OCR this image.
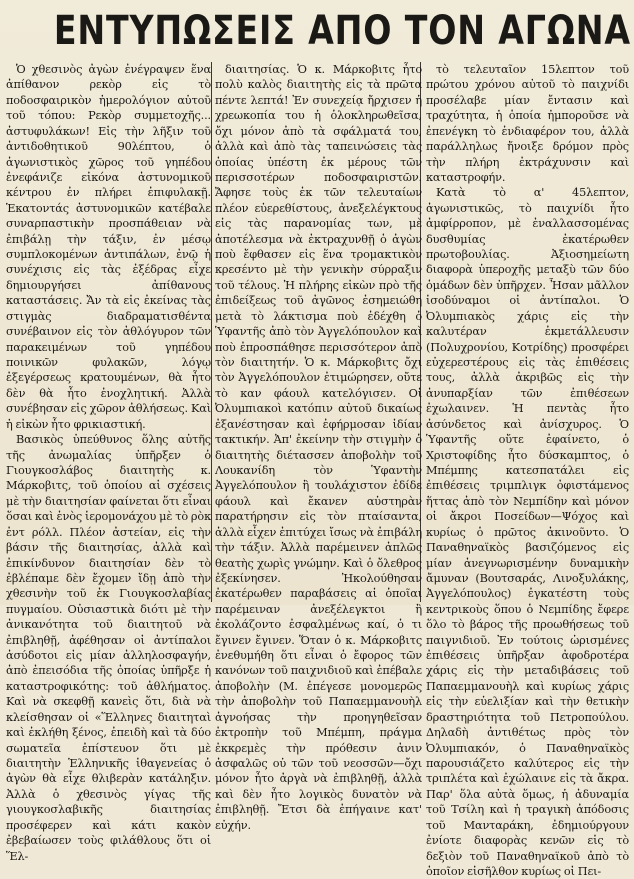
ΕΝΤΥΠΩΣΕΙΣ ΑΠΟ ΤΟΝ ΑΓΩΝΑ

Ὁ χθεσινὸς ἀγὼν ἐνέγραψεν ἕνα ἀπίθανον ρεκὸρ εἰς τὸ ποδοσφαιρικὸν ἡμερολόγιον αὐτοῦ τοῦ τόπου: Ρεκὸρ συμμετοχῆς... ἀστυφυλάκων! Εἰς τὴν λῆξιν τοῦ ἀντιδοθητικοῦ 90λέπτου, ὁ ἀγωνιστικὸς χῶρος τοῦ γηπέδου ἐνεφάνιζε εἰκόνα ἀστυνομικοῦ κέντρου ἐν πλήρει ἐπιφυλακῇ. Ἑκατοντάς ἀστυνομικῶν κατέβαλε συναρπαστικὴν προσπάθειαν νὰ ἐπιβάλῃ τὴν τάξιν, ἐν μέσῳ συμπλοκομένων ἀντιπάλων, ἐνῷ ἡ συνέχισις εἰς τὰς ἐξέδρας εἶχε δημιουργήσει ἀπίθανους καταστάσεις. Ἄν τὰ εἰς ἐκείνας τὰς στιγμὰς διαδραματισθέντα συνέβαινον εἰς τὸν ἀθλόγυρον τῶν παρακειμένων τοῦ γηπέδου ποινικῶν φυλακῶν, λόγῳ ἐξεγέρσεως κρατουμένων, θὰ ἦτο δὲν θὰ ἦτο ἐνοχλητική. Ἀλλὰ συνέβησαν εἰς χῶρον ἀθλήσεως. Καὶ ἡ εἰκὼν ἦτο φρικιαστική.

Βασικὸς ὑπεύθυνος ὅλης αὐτῆς τῆς ἀνωμαλίας ὑπῆρξεν ὁ Γιουγκοσλάβος διαιτητὴς κ. Μάρκοβιτς, τοῦ ὁποίου αἱ σχέσεις μὲ τὴν διαιτησίαν φαίνεται ὅτι εἶναι ὅσαι καὶ ἑνὸς ἱερομονάχου μὲ τὸ ρὸκ ἐντ ρόλλ. Πλέον ἀστείαν, εἰς τὴν βάσιν τῆς διαιτησίας, ἀλλὰ καὶ ἐπικίνδυνον διαιτησίαν δὲν τὸ ἐβλέπαμε δὲν ἔχομεν ἴδῃ ἀπὸ τὴν χθεσινὴν τοῦ ἐκ Γιουγκοσλαβίας πυγμαίου. Οὐσιαστικὰ διότι μὲ τὴν ἀνικανότητα τοῦ διαιτητοῦ νὰ ἐπιβληθῇ, ἀφέθησαν οἱ ἀντίπαλοι ἀσύδοτοι εἰς μίαν ἀλληλοσφαγήν, ἀπὸ ἐπεισόδια τῆς ὁποίας ὑπῆρξε ἡ καταστροφικότης: τοῦ ἀθλήματος. Καὶ νὰ σκεφθῇ κανεὶς ὅτι, διὰ νὰ κλείσθησαν οἱ «Ἕλληνες διαιτηταὶ καὶ ἐκλήθη ξένος, ἐπειδὴ καὶ τὰ δύο σωματεῖα ἐπίστευον ὅτι μὲ διαιτητὴν Ἑλληνικῆς ἰθαγενείας ὁ ἀγὼν θὰ εἶχε θλιβερὰν κατάληξιν. Ἀλλὰ ὁ χθεσινὸς γίγας τῆς γιουγκοσλαβικῆς διαιτησίας προσέφερεν καὶ κάτι κακὸν ἐβεβαίωσεν τοὺς φιλάθλους ὅτι οἱ Ἕλ-

διαιτησίας. Ὁ κ. Μάρκοβιτς ἦτο πολὺ καλὸς διαιτητὴς εἰς τὰ πρῶτα πέντε λεπτά! Ἐν συνεχείᾳ ἤρχισεν ἡ χρεωκοπία του ἡ ὁλοκληρωθεῖσα, ὄχι μόνον ἀπὸ τὰ σφάλματά του, ἀλλὰ καὶ ἀπὸ τὰς ταπεινώσεις τὰς ὁποίας ὑπέστη ἐκ μέρους τῶν περισσοτέρων ποδοσφαιριστῶν. Ἄφησε τοὺς ἐκ τῶν τελευταίων πλέον εὐερεθίστους, ἀνεξελέγκτους εἰς τὰς παρανομίας των, μὲ ἀποτέλεσμα νὰ ἐκτραχυνθῇ ὁ ἀγὼν ποὺ ἔφθασεν εἰς ἕνα τρομακτικὸν κρεσέντο μὲ τὴν γενικὴν σύρραξιν τοῦ τέλους. Ἡ πλήρης εἰκὼν πρὸ τῆς ἐπιδείξεως τοῦ ἀγῶνος ἐσημειώθη μετὰ τὸ λάκτισμα ποὺ ἐδέχθη ὁ Ὑφαντῆς ἀπὸ τὸν Ἀγγελόπουλον καὶ ποὺ ἐπροσπάθησε περισσότερον ἀπὸ τὸν διαιτητήν. Ὁ κ. Μάρκοβιτς ὄχι τὸν Ἀγγελόπουλον ἐτιμώρησεν, οὔτε τὸ καν φάουλ κατελόγισεν. Οἱ Ὀλυμπιακοὶ κατόπιν αὐτοῦ δικαίως ἐξανέστησαν καὶ ἐφήρμοσαν ἰδίαν τακτικήν. Ἀπ' ἐκείνην τὴν στιγμὴν ὁ διαιτητὴς διέτασσεν ἀποβολὴν τοῦ Λουκανίδη τὸν Ὑφαντὴν Ἀγγελόπουλον ἢ τουλάχιστον ἐδίδε φάουλ καὶ ἔκανεν αὐστηρὰν παρατήρησιν εἰς τὸν πταίσαντα, ἀλλὰ εἶχεν ἐπιτύχει ἴσως νὰ ἐπιβάλη τὴν τάξιν. Ἀλλὰ παρέμεινεν ἀπλῶς θεατὴς χωρὶς γνώμην. Καὶ ὁ ὄλεθρος ἐξεκίνησεν. Ἠκολούθησαν ἐκατέρωθεν παραβάσεις αἱ ὁποῖαι παρέμειναν ἀνεξέλεγκτοι ἢ ἐκολάζοντο ἐσφαλμένως καί, ὀ τι ἔγινεν ἔγινεν. Ὅταν ὁ κ. Μάρκοβιτς ἐνεθυμήθη ὅτι εἶναι ὁ ἔφορος τῶν κανόνων τοῦ παιχνιδιοῦ καὶ ἐπέβαλε ἀποβολὴν (Μ. ἐπέγεσε μονομερῶς τὴν ἀποβολὴν τοῦ Παπαεμμανουὴλ ἀγνοήσας τὴν προηγηθεῖσαν ἐκτροπὴν τοῦ Μπέμπη, πράγμα ἐκκρεμὲς τὴν πρόθεσιν ἀνιν ἀσφαλῶς οὐ τῶν τοῦ νεοσσῶν—ὄχι μόνον ἦτο ἀργὰ νὰ ἐπιβληθῇ, ἀλλὰ καὶ δὲν ἦτο λογικὸς δυνατὸν νὰ ἐπιβληθῇ. Ἔτσι δὰ ἐπήγαινε κατ' εὐχήν.

τὸ τελευταῖον 15λεπτον τοῦ πρώτου χρόνου αὐτοῦ τὸ παιχνίδι προσέλαβε μίαν ἔντασιν καὶ τραχύτητα, ἡ ὁποία ἠμποροῦσε νὰ ἐπενέγκη τὸ ἐνδιαφέρον του, ἀλλὰ παράλληλως ἤνοιξε δρόμον πρὸς τὴν πλήρη ἐκτράχυνσιν καὶ καταστροφήν.

Κατὰ τὸ α' 45λεπτον, ἀγωνιστικῶς, τὸ παιχνίδι ἦτο ἀμφίρροπον, μὲ ἐναλλασσομένας δυσθυμίας ἐκατέρωθεν πρωτοβουλίας. Ἀξιοσημείωτη διαφορὰ ὑπεροχῆς μεταξὺ τῶν δύο ὁμάδων δὲν ὑπῆρχεν. Ἦσαν μᾶλλον ἰσοδύναμοι οἱ ἀντίπαλοι. Ὁ Ὀλυμπιακὸς χάρις εἰς τὴν καλυτέραν ἐκμετάλλευσιν (Πολυχρονίου, Κοτρίδης) προσφέρει εὐχερεστέρους εἰς τὰς ἐπιθέσεις τους, ἀλλὰ ἀκριβῶς εἰς τὴν ἀνυπαρξίαν τῶν ἐπιθέσεων ἐχωλαινεν. Ἡ πεντὰς ἦτο ἀσύνδετος καὶ ἀνίσχυρος. Ὁ Ὑφαντῆς οὔτε ἐφαίνετο, ὁ Χριστοφίδης ἦτο δύσκαμπτος, ὁ Μπέμπης κατεσπατάλει εἰς ἐπιθέσεις τριμπλιγκ ὀφιστάμενος ἥττας ἀπὸ τὸν Νεμπίδην καὶ μόνον οἱ ἄκροι Ποσείδων—Ψόχος καὶ κυρίως ὁ πρῶτος ἀκινοῦντο. Ὁ Παναθηναϊκὸς βασιζόμενος εἰς μίαν ἀνεγνωρισμένην δυναμικὴν ἄμυναν (Βουτσαράς, Λινοξυλάκης, Ἀγγελόπουλος) ἐγκατέστη τοὺς κεντρικοὺς ὅπου ὁ Νεμπίδης ἔφερε ὅλο τὸ βάρος τῆς προωθήσεως τοῦ παιγνιδιοῦ. Ἐν τούτοις ὡρισμένες ἐπιθέσεις ὑπῆρξαν ἀφοδροτέρα χάρις εἰς τὴν μεταδιβάσεις τοῦ Παπαεμμανουὴλ καὶ κυρίως χάρις εἰς τὴν εὐελιξίαν καὶ τὴν θετικὴν δραστηριότητα τοῦ Πετροπούλου. Δηλαδὴ ἀντιθέτως πρὸς τὸν Ὀλυμπιακόν, ὁ Παναθηναϊκὸς παρουσιάζετο καλύτερος εἰς τὴν τριπλέτα καὶ ἐχώλαινε εἰς τὰ ἄκρα. Παρ' ὅλα αὐτὰ ὅμως, ἡ ἀδυναμία τοῦ Τσίλη καὶ ἡ τραγικὴ ἀπόδοσις τοῦ Μανταράκη, ἐδημιούργουν ἐνίοτε διαφορὰς κενῶν εἰς τὸ δεξιὸν τοῦ Παναθηναϊκοῦ ἀπὸ τὸ ὁποῖον εἰσῆλθον κυρίως οἱ Πει-
